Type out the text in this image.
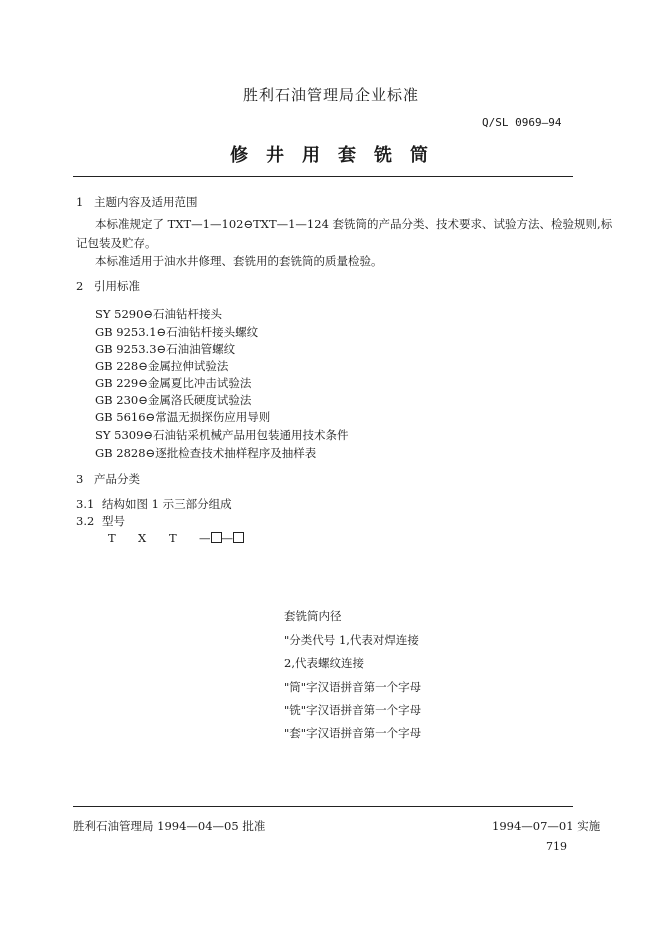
胜利石油管理局企业标准
Q/SL 0969—94
修井用套铣筒
1 主题内容及适用范围
本标准规定了 TXT—1—102⊖TXT—1—124 套铣筒的产品分类、技术要求、试验方法、检验规则,标
记包装及贮存。
本标准适用于油水井修理、套铣用的套铣筒的质量检验。
2 引用标准
SY 5290⊖石油钻杆接头
GB 9253.1⊖石油钻杆接头螺纹
GB 9253.3⊖石油油管螺纹
GB 228⊖金属拉伸试验法
GB 229⊖金属夏比冲击试验法
GB 230⊖金属洛氏硬度试验法
GB 5616⊖常温无损探伤应用导则
SY 5309⊖石油钻采机械产品用包装通用技术条件
GB 2828⊖逐批检查技术抽样程序及抽样表
3 产品分类
3.1 结构如图 1 示三部分组成
3.2 型号
T X T — —
套铣筒内径
"分类代号 1,代表对焊连接
2,代表螺纹连接
"筒"字汉语拼音第一个字母
"铣"字汉语拼音第一个字母
"套"字汉语拼音第一个字母
胜利石油管理局 1994—04—05 批准	1994—07—01 实施
719
